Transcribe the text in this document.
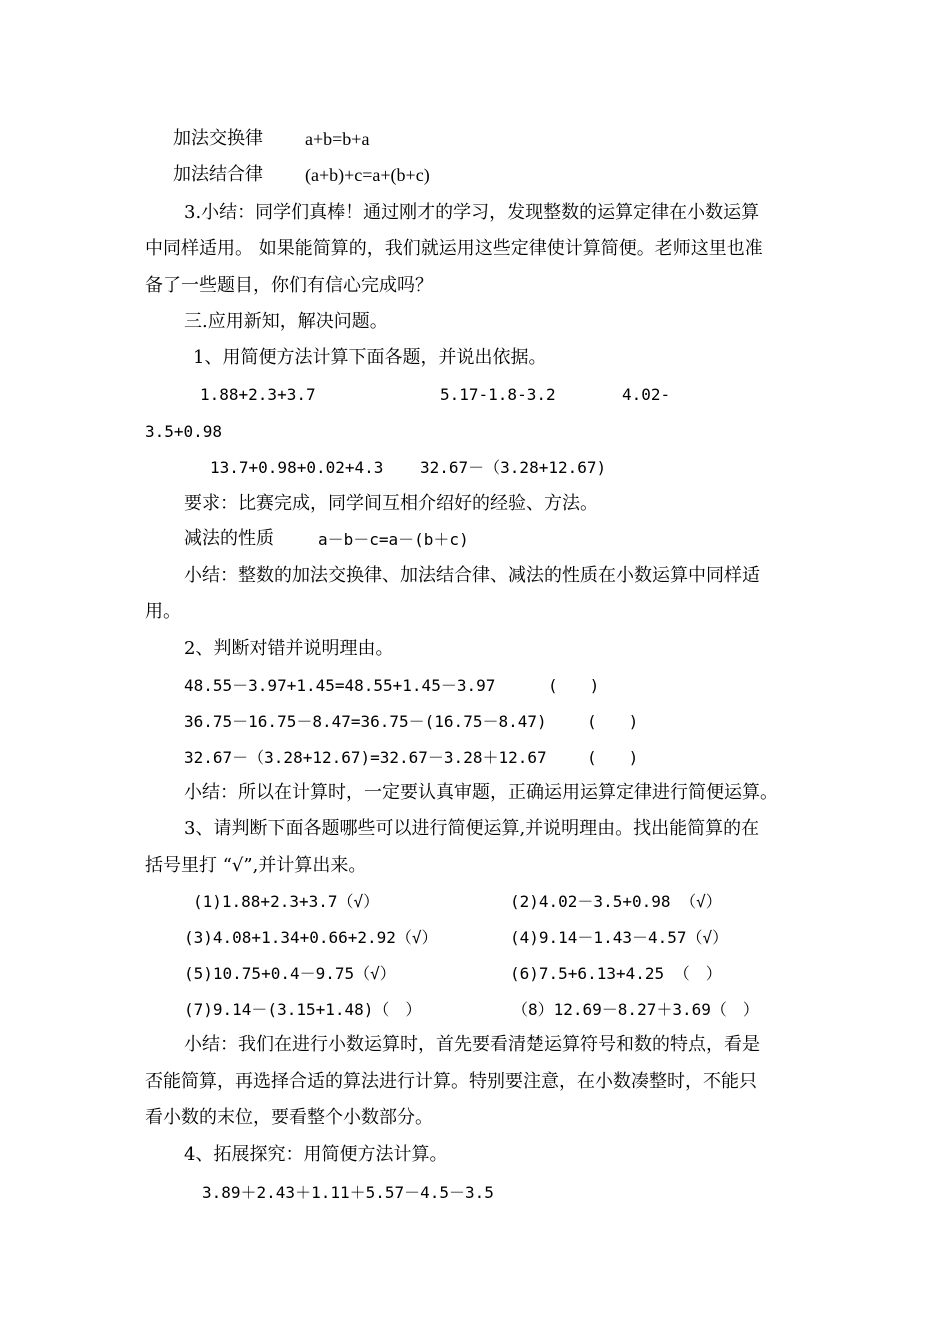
加法交换律 a+b=b+a
加法结合律 (a+b)+c=a+(b+c)
3.小结：同学们真棒！通过刚才的学习，发现整数的运算定律在小数运算
中同样适用。 如果能简算的，我们就运用这些定律使计算简便。老师这里也准
备了一些题目，你们有信心完成吗？
三.应用新知，解决问题。
1、用简便方法计算下面各题，并说出依据。
1.88+2.3+3.7	5.17-1.8-3.2	4.02-
3.5+0.98
13.7+0.98+0.02+4.3 32.67－（3.28+12.67)
要求：比赛完成，同学间互相介绍好的经验、方法。
减法的性质	a－b－c=a－(b＋c)
小结：整数的加法交换律、加法结合律、减法的性质在小数运算中同样适
用。
2、判断对错并说明理由。
48.55－3.97+1.45=48.55+1.45－3.97	(　　)
36.75－16.75－8.47=36.75－(16.75－8.47)	(　　)
32.67－（3.28+12.67)=32.67－3.28＋12.67	(　　)
小结：所以在计算时，一定要认真审题，正确运用运算定律进行简便运算。
3、请判断下面各题哪些可以进行简便运算,并说明理由。找出能简算的在
括号里打 “√”,并计算出来。
(1)1.88+2.3+3.7（√）	(2)4.02－3.5+0.98 （√）
(3)4.08+1.34+0.66+2.92（√）	(4)9.14－1.43－4.57（√）
(5)10.75+0.4－9.75（√）	(6)7.5+6.13+4.25 （　）
(7)9.14－(3.15+1.48)（　）	（8）12.69－8.27＋3.69（　）
小结：我们在进行小数运算时，首先要看清楚运算符号和数的特点，看是
否能简算，再选择合适的算法进行计算。特别要注意，在小数凑整时，不能只
看小数的末位，要看整个小数部分。
4、拓展探究：用简便方法计算。
3.89＋2.43＋1.11＋5.57－4.5－3.5
